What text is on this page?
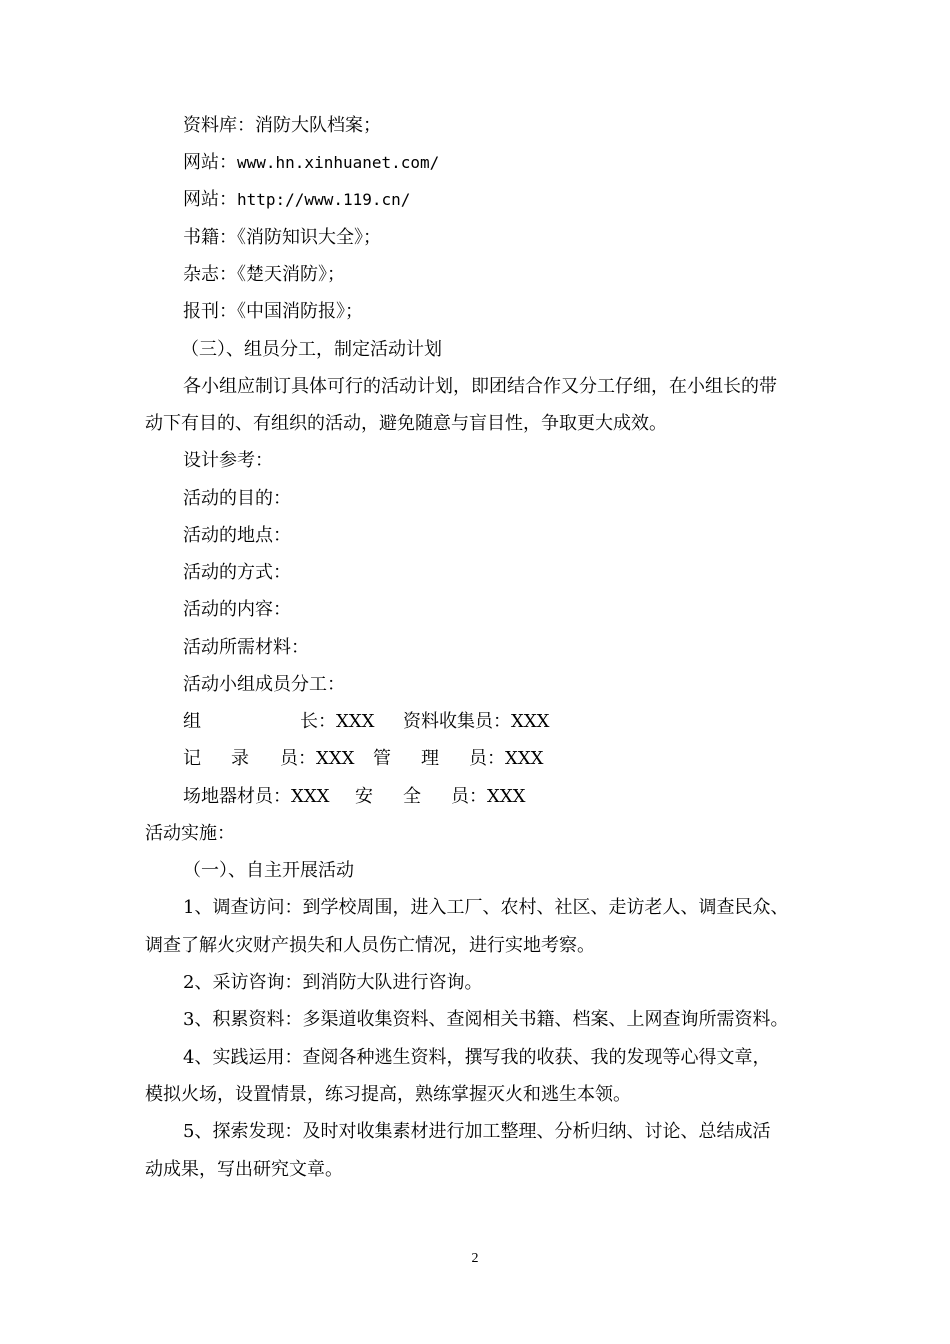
资料库：消防大队档案；
网站：www.hn.xinhuanet.com/
网站：http://www.119.cn/
书籍：《消防知识大全》；
杂志：《楚天消防》；
报刊：《中国消防报》；
（三）、组员分工，制定活动计划
各小组应制订具体可行的活动计划，即团结合作又分工仔细，在小组长的带
动下有目的、有组织的活动，避免随意与盲目性，争取更大成效。
设计参考：
活动的目的：
活动的地点：
活动的方式：
活动的内容：
活动所需材料：
活动小组成员分工：
组	长：XXX 资料收集员：XXX
记 录 员：XXX 管 理 员：XXX
场地器材员：XXX 安 全 员：XXX
活动实施：
（一）、自主开展活动
1、调查访问：到学校周围，进入工厂、农村、社区、走访老人、调查民众、
调查了解火灾财产损失和人员伤亡情况，进行实地考察。
2、采访咨询：到消防大队进行咨询。
3、积累资料：多渠道收集资料、查阅相关书籍、档案、上网查询所需资料。
4、实践运用：查阅各种逃生资料，撰写我的收获、我的发现等心得文章，
模拟火场，设置情景，练习提高，熟练掌握灭火和逃生本领。
5、探索发现：及时对收集素材进行加工整理、分析归纳、讨论、总结成活
动成果，写出研究文章。
2
